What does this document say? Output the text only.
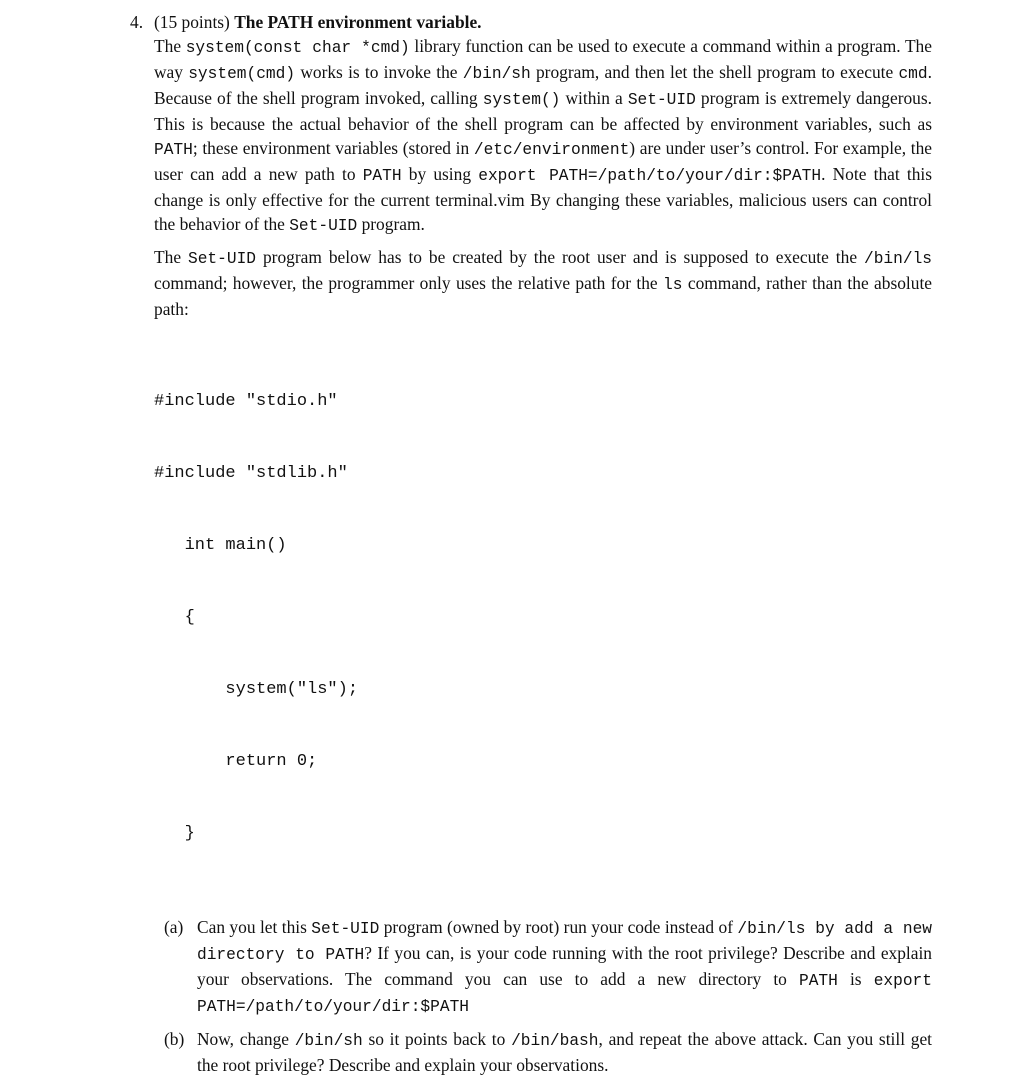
4. (15 points) The PATH environment variable.

The system(const char *cmd) library function can be used to execute a command within a program. The way system(cmd) works is to invoke the /bin/sh program, and then let the shell program to execute cmd. Because of the shell program invoked, calling system() within a Set-UID program is extremely dangerous. This is because the actual behavior of the shell program can be affected by environment variables, such as PATH; these environment variables (stored in /etc/environment) are under user’s control. For example, the user can add a new path to PATH by using export PATH=/path/to/your/dir:$PATH. Note that this change is only effective for the current terminal.vim By changing these variables, malicious users can control the behavior of the Set-UID program.

The Set-UID program below has to be created by the root user and is supposed to execute the /bin/ls command; however, the programmer only uses the relative path for the ls command, rather than the absolute path:

#include "stdio.h"

#include "stdlib.h"

int main()

{

system("ls");

return 0;

}

(a) Can you let this Set-UID program (owned by root) run your code instead of /bin/ls by add a new directory to PATH? If you can, is your code running with the root privilege? Describe and explain your observations. The command you can use to add a new directory to PATH is export PATH=/path/to/your/dir:$PATH
(b) Now, change /bin/sh so it points back to /bin/bash, and repeat the above attack. Can you still get the root privilege? Describe and explain your observations.
